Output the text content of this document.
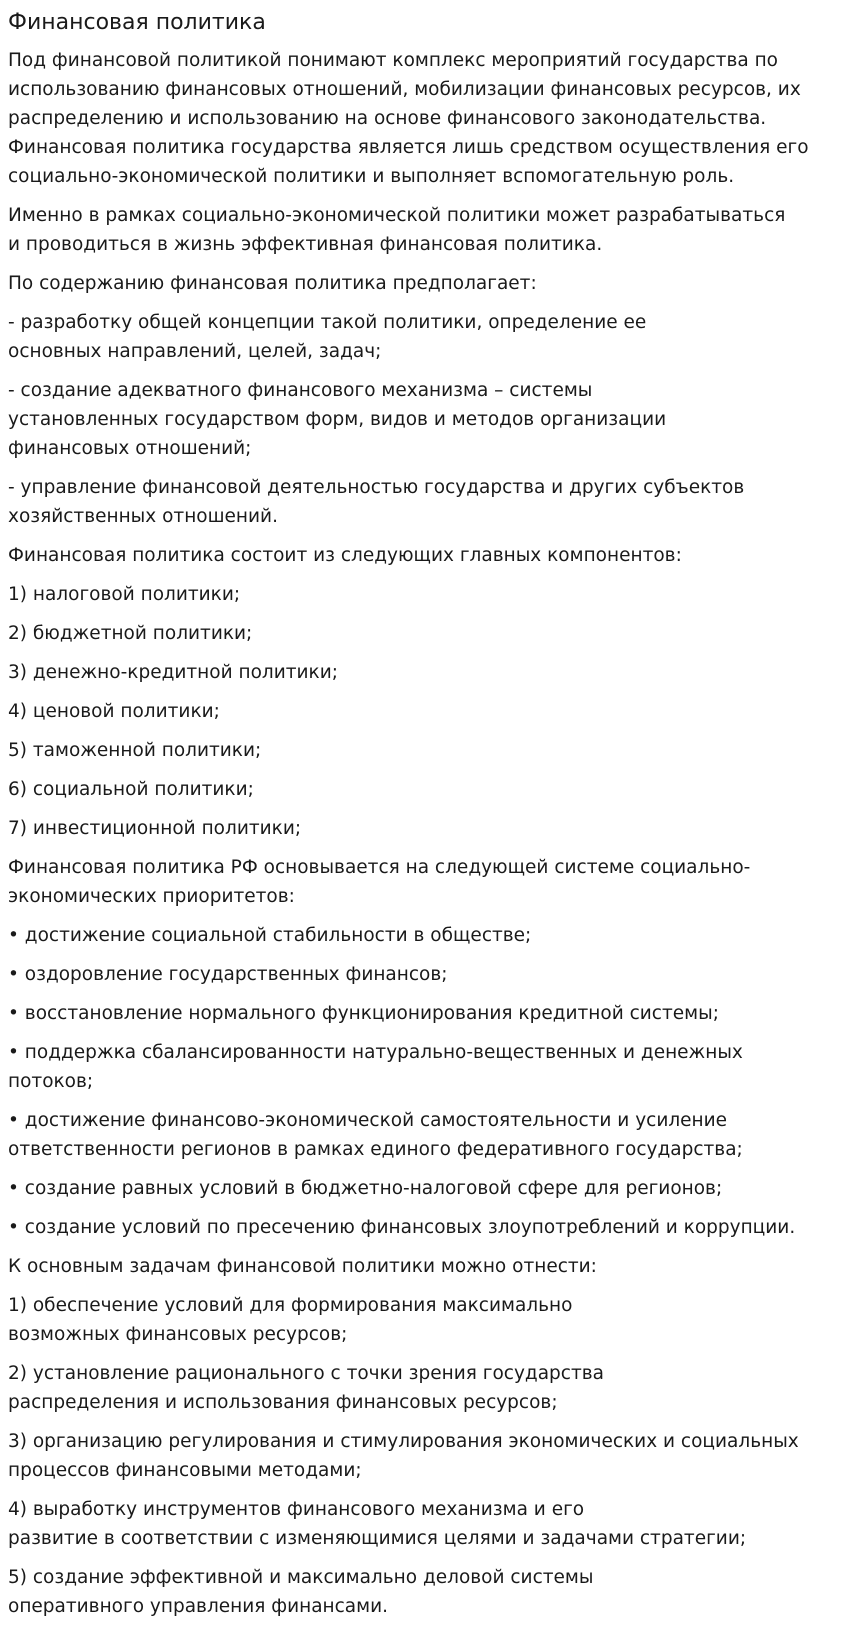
Финансовая политика

Под финансовой политикой понимают комплекс мероприятий государства по
использованию финансовых отношений, мобилизации финансовых ресурсов, их
распределению и использованию на основе финансового законодательства.
Финансовая политика государства является лишь средством осуществления его
социально-экономической политики и выполняет вспомогательную роль.

Именно в рамках социально-экономической политики может разрабатываться
и проводиться в жизнь эффективная финансовая политика.

По содержанию финансовая политика предполагает:

- разработку общей концепции такой политики, определение ее
основных направлений, целей, задач;

- создание адекватного финансового механизма – системы
установленных государством форм, видов и методов организации
финансовых отношений;

- управление финансовой деятельностью государства и других субъектов
хозяйственных отношений.

Финансовая политика состоит из следующих главных компонентов:

1) налоговой политики;

2) бюджетной политики;

3) денежно-кредитной политики;

4) ценовой политики;

5) таможенной политики;

6) социальной политики;

7) инвестиционной политики;

Финансовая политика РФ основывается на следующей системе социально-
экономических приоритетов:

• достижение социальной стабильности в обществе;

• оздоровление государственных финансов;

• восстановление нормального функционирования кредитной системы;

• поддержка сбалансированности натурально-вещественных и денежных
потоков;

• достижение финансово-экономической самостоятельности и усиление
ответственности регионов в рамках единого федеративного государства;

• создание равных условий в бюджетно-налоговой сфере для регионов;

• создание условий по пресечению финансовых злоупотреблений и коррупции.

К основным задачам финансовой политики можно отнести:

1) обеспечение условий для формирования максимально
возможных финансовых ресурсов;

2) установление рационального с точки зрения государства
распределения и использования финансовых ресурсов;

3) организацию регулирования и стимулирования экономических и социальных
процессов финансовыми методами;

4) выработку инструментов финансового механизма и его
развитие в соответствии с изменяющимися целями и задачами стратегии;

5) создание эффективной и максимально деловой системы
оперативного управления финансами.
